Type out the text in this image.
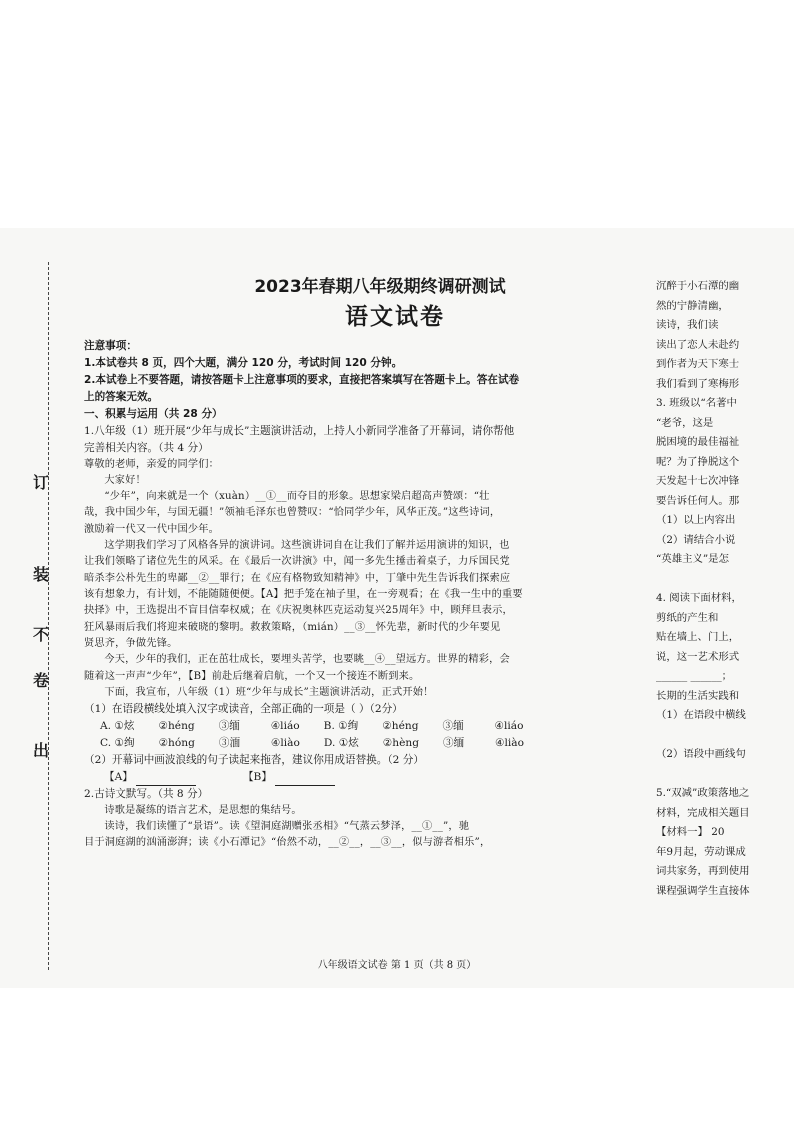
订
装
不
卷
出
2023年春期八年级期终调研测试
语文试卷
注意事项：
1.本试卷共 8 页，四个大题，满分 120 分，考试时间 120 分钟。
2.本试卷上不要答题，请按答题卡上注意事项的要求，直接把答案填写在答题卡上。答在试卷
上的答案无效。
一、积累与运用（共 28 分）
1.八年级（1）班开展“少年与成长”主题演讲活动，上持人小新同学准备了开幕词，请你帮他
完善相关内容。（共 4 分）
尊敬的老师，亲爱的同学们：
大家好！
“少年”，向来就是一个（xuàn）__①__而夺目的形象。思想家梁启超高声赞颂：“壮
哉，我中国少年，与国无疆！”领袖毛泽东也曾赞叹：“恰同学少年，风华正茂。”这些诗词，
激励着一代又一代中国少年。
这学期我们学习了风格各异的演讲词。这些演讲词自在让我们了解并运用演讲的知识，也
让我们领略了诸位先生的风采。在《最后一次讲演》中，闻一多先生捶击着桌子，力斥国民党
暗杀李公朴先生的卑鄙__②__罪行；在《应有格物致知精神》中，丁肇中先生告诉我们探索应
该有想象力，有计划，不能随随便便。【A】把手笼在袖子里，在一旁观看；在《我一生中的重要
抉择》中，王选提出不盲目信奉权威；在《庆祝奥林匹克运动复兴25周年》中，顾拜旦表示，
狂风暴雨后我们将迎来破晓的黎明。救救策略，（mián）__③__怀先辈，新时代的少年要见
贤思齐，争做先锋。
今天，少年的我们，正在茁壮成长，要埋头苦学，也要眺__④__望远方。世界的精彩，会
随着这一声声“少年”，【B】前赴后继着启航，一个又一个接连不断到来。
下面，我宣布，八年级（1）班“少年与成长”主题演讲活动，正式开始！
（1）在语段横线处填入汉字或读音，全部正确的一项是（ ）（2分）
A. ①炫 ②héng ③缅	④liáo B. ①绚 ②héng ③缅	④liáo
C. ①绚 ②hóng ③湎	④liào D. ①炫 ②hèng ③缅	④liào
（2）开幕词中画波浪线的句子读起来拖沓，建议你用成语替换。（2 分）
【A】	【B】
2.古诗文默写。（共 8 分）
诗歌是凝练的语言艺术，是思想的集结号。
读诗，我们读懂了“景语”。读《望洞庭湖赠张丞相》“气蒸云梦泽，__①__”，驰
目于洞庭湖的汹涌澎湃；读《小石潭记》“佁然不动，__②__，__③__，似与游者相乐”，
八年级语文试卷 第 1 页（共 8 页）
沉醉于小石潭的幽
然的宁静清幽，
读诗，我们读
读出了恋人未赴约
到作者为天下寒士
我们看到了寒梅形
3. 班级以“名著中
“老爷，这是
脱困境的最佳福祉
呢？为了挣脱这个
天发起十七次冲锋
要告诉任何人。那
（1）以上内容出
（2）请结合小说
“英雄主义”是怎
4. 阅读下面材料，
剪纸的产生和
贴在墙上、门上，
说，这一艺术形式
______ ______；
长期的生活实践和
（1）在语段中横线
（2）语段中画线句
5.“双减”政策落地之
材料，完成相关题目
【材料一】 20
年9月起，劳动课成
词共家务，再到使用
课程强调学生直接体
